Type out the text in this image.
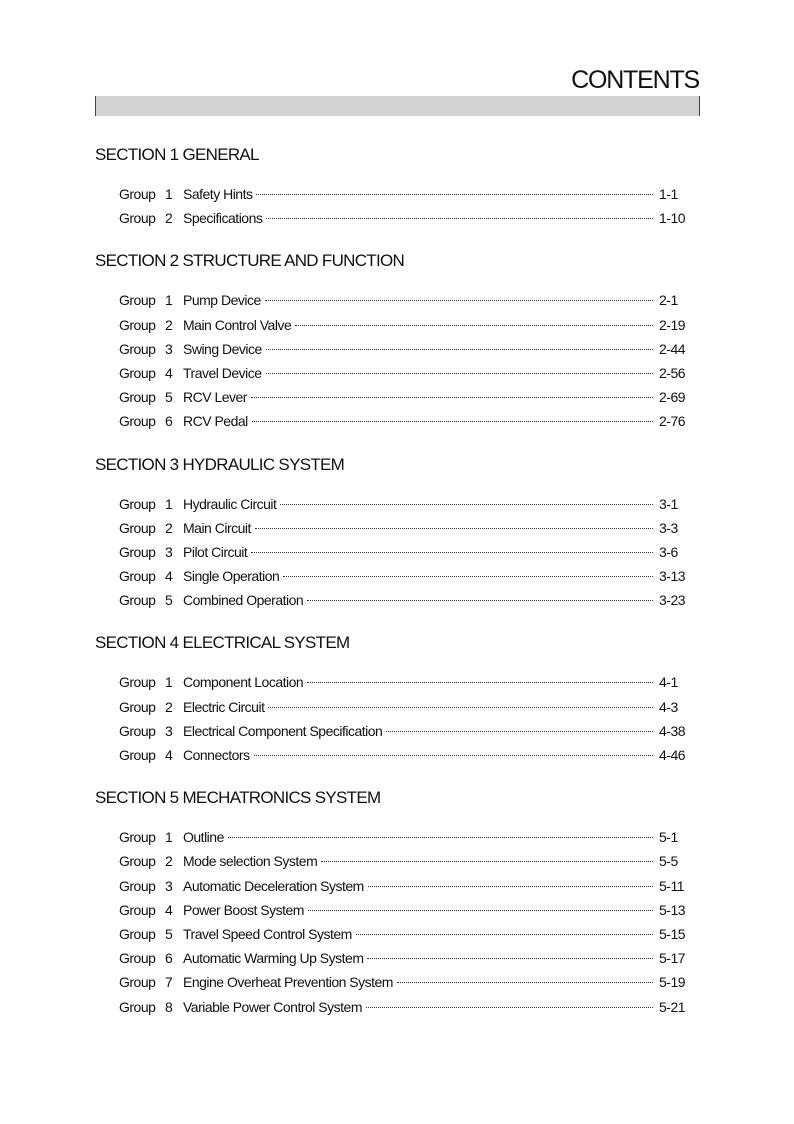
CONTENTS
SECTION 1 GENERAL
Group 1 Safety Hints	1-1
Group 2 Specifications	1-10
SECTION 2 STRUCTURE AND FUNCTION
Group 1 Pump Device	2-1
Group 2 Main Control Valve	2-19
Group 3 Swing Device	2-44
Group 4 Travel Device	2-56
Group 5 RCV Lever	2-69
Group 6 RCV Pedal	2-76
SECTION 3 HYDRAULIC SYSTEM
Group 1 Hydraulic Circuit	3-1
Group 2 Main Circuit	3-3
Group 3 Pilot Circuit	3-6
Group 4 Single Operation	3-13
Group 5 Combined Operation	3-23
SECTION 4 ELECTRICAL SYSTEM
Group 1 Component Location	4-1
Group 2 Electric Circuit	4-3
Group 3 Electrical Component Specification	4-38
Group 4 Connectors	4-46
SECTION 5 MECHATRONICS SYSTEM
Group 1 Outline	5-1
Group 2 Mode selection System	5-5
Group 3 Automatic Deceleration System	5-11
Group 4 Power Boost System	5-13
Group 5 Travel Speed Control System	5-15
Group 6 Automatic Warming Up System	5-17
Group 7 Engine Overheat Prevention System	5-19
Group 8 Variable Power Control System	5-21
